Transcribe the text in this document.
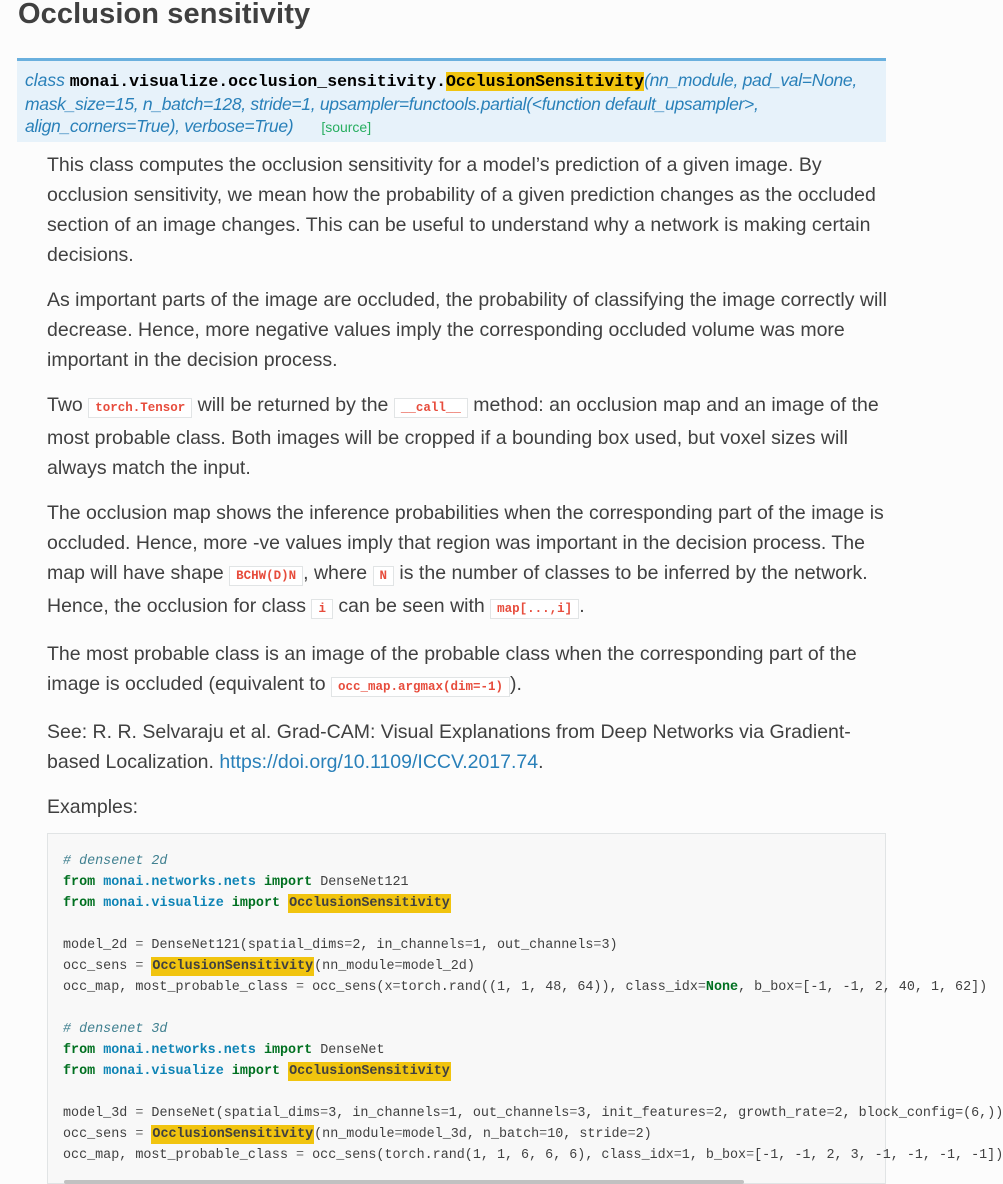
Occlusion sensitivity
class monai.visualize.occlusion_sensitivity.OcclusionSensitivity(nn_module, pad_val=None, mask_size=15, n_batch=128, stride=1, upsampler=functools.partial(<function default_upsampler>, align_corners=True), verbose=True) [source]

This class computes the occlusion sensitivity for a model’s prediction of a given image. By occlusion sensitivity, we mean how the probability of a given prediction changes as the occluded section of an image changes. This can be useful to understand why a network is making certain decisions.

As important parts of the image are occluded, the probability of classifying the image correctly will decrease. Hence, more negative values imply the corresponding occluded volume was more important in the decision process.

Two torch.Tensor will be returned by the __call__ method: an occlusion map and an image of the most probable class. Both images will be cropped if a bounding box used, but voxel sizes will always match the input.

The occlusion map shows the inference probabilities when the corresponding part of the image is occluded. Hence, more -ve values imply that region was important in the decision process. The map will have shape BCHW(D)N , where N is the number of classes to be inferred by the network. Hence, the occlusion for class i can be seen with map[...,i] .

The most probable class is an image of the probable class when the corresponding part of the image is occluded (equivalent to occ_map.argmax(dim=-1) ).

See: R. R. Selvaraju et al. Grad-CAM: Visual Explanations from Deep Networks via Gradient-based Localization. https://doi.org/10.1109/ICCV.2017.74.

Examples:

# densenet 2d
from monai.networks.nets import DenseNet121
from monai.visualize import OcclusionSensitivity

model_2d = DenseNet121(spatial_dims=2, in_channels=1, out_channels=3)
occ_sens = OcclusionSensitivity(nn_module=model_2d)
occ_map, most_probable_class = occ_sens(x=torch.rand((1, 1, 48, 64)), class_idx=None, b_box=[-1, -1, 2, 40, 1, 62])

# densenet 3d
from monai.networks.nets import DenseNet
from monai.visualize import OcclusionSensitivity

model_3d = DenseNet(spatial_dims=3, in_channels=1, out_channels=3, init_features=2, growth_rate=2, block_config=(6,))
occ_sens = OcclusionSensitivity(nn_module=model_3d, n_batch=10, stride=2)
occ_map, most_probable_class = occ_sens(torch.rand(1, 1, 6, 6, 6), class_idx=1, b_box=[-1, -1, 2, 3, -1, -1, -1, -1])
